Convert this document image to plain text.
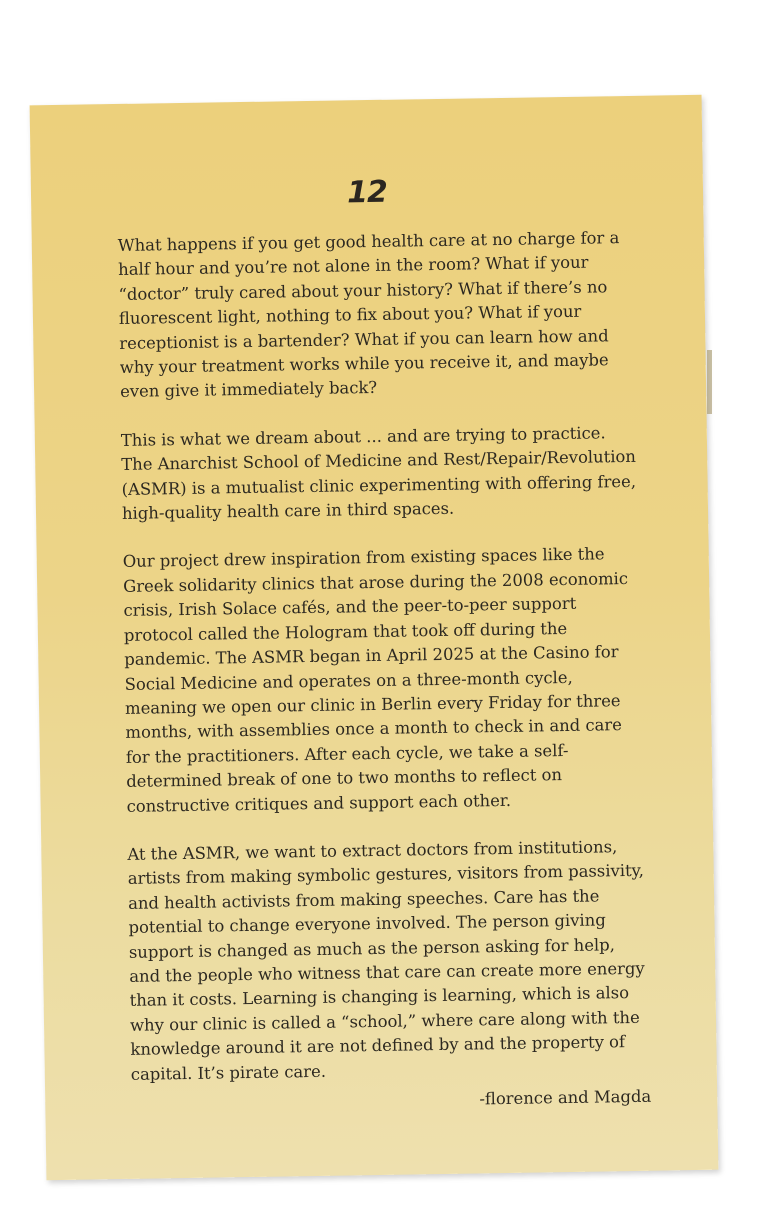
12

What happens if you get good health care at no charge for a half hour and you’re not alone in the room? What if your “doctor” truly cared about your history? What if there’s no fluorescent light, nothing to fix about you? What if your receptionist is a bartender? What if you can learn how and why your treatment works while you receive it, and maybe even give it immediately back?

This is what we dream about ... and are trying to practice. The Anarchist School of Medicine and Rest/Repair/Revolution (ASMR) is a mutualist clinic experimenting with offering free, high-quality health care in third spaces.

Our project drew inspiration from existing spaces like the Greek solidarity clinics that arose during the 2008 economic crisis, Irish Solace cafés, and the peer-to-peer support protocol called the Hologram that took off during the pandemic. The ASMR began in April 2025 at the Casino for Social Medicine and operates on a three-month cycle, meaning we open our clinic in Berlin every Friday for three months, with assemblies once a month to check in and care for the practitioners. After each cycle, we take a self-determined break of one to two months to reflect on constructive critiques and support each other.

At the ASMR, we want to extract doctors from institutions, artists from making symbolic gestures, visitors from passivity, and health activists from making speeches. Care has the potential to change everyone involved. The person giving support is changed as much as the person asking for help, and the people who witness that care can create more energy than it costs. Learning is changing is learning, which is also why our clinic is called a “school,” where care along with the knowledge around it are not defined by and the property of capital. It’s pirate care.

-florence and Magda
